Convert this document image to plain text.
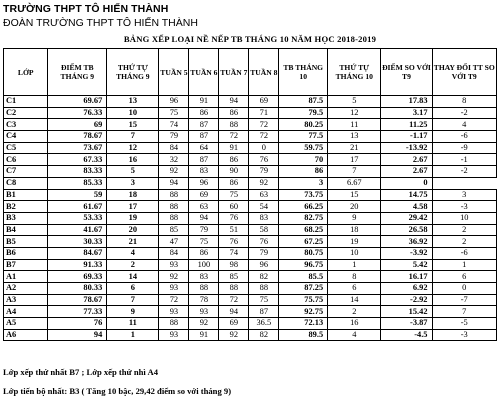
TRƯỜNG THPT TÔ HIẾN THÀNH
ĐOÀN TRƯỜNG THPT TÔ HIẾN THÀNH
BẢNG XẾP LOẠI NỀ NẾP TB THÁNG 10 NĂM HỌC 2018-2019
LỚP	ĐIỂM TB THÁNG 9	THỨ TỰ THÁNG 9	TUẦN 5	TUẦN 6	TUẦN 7	TUẦN 8	TB THÁNG 10	THỨ TỰ THÁNG 10	ĐIỂM SO VỚI T9	THAY ĐỔI TT SO VỚI T9
C1	69.67	13	96	91	94	69	87.5	5	17.83	8
C2	76.33	10	75	86	86	71	79.5	12	3.17	-2
C3	69	15	74	87	88	72	80.25	11	11.25	4
C4	78.67	7	79	87	72	72	77.5	13	-1.17	-6
C5	73.67	12	84	64	91	0	59.75	21	-13.92	-9
C6	67.33	16	32	87	86	76	70	17	2.67	-1
C7	83.33	5	92	83	90	79	86	7	2.67	-2
C8	85.33	3	94	96	86	92	3	6.67	0	
B1	59	18	88	69	75	63	73.75	15	14.75	3
B2	61.67	17	88	63	60	54	66.25	20	4.58	-3
B3	53.33	19	88	94	76	83	82.75	9	29.42	10
B4	41.67	20	85	79	51	58	68.25	18	26.58	2
B5	30.33	21	47	75	76	76	67.25	19	36.92	2
B6	84.67	4	84	86	74	79	80.75	10	-3.92	-6
B7	91.33	2	93	100	98	96	96.75	1	5.42	1
A1	69.33	14	92	83	85	82	85.5	8	16.17	6
A2	80.33	6	93	88	88	88	87.25	6	6.92	0
A3	78.67	7	72	78	72	75	75.75	14	-2.92	-7
A4	77.33	9	93	93	94	87	92.75	2	15.42	7
A5	76	11	88	92	69	36.5	72.13	16	-3.87	-5
A6	94	1	93	91	92	82	89.5	4	-4.5	-3
Lớp xếp thứ nhất B7 ; Lớp xếp thứ nhì A4
Lớp tiến bộ nhất: B3 ( Tăng 10 bậc, 29,42 điểm so với tháng 9)
